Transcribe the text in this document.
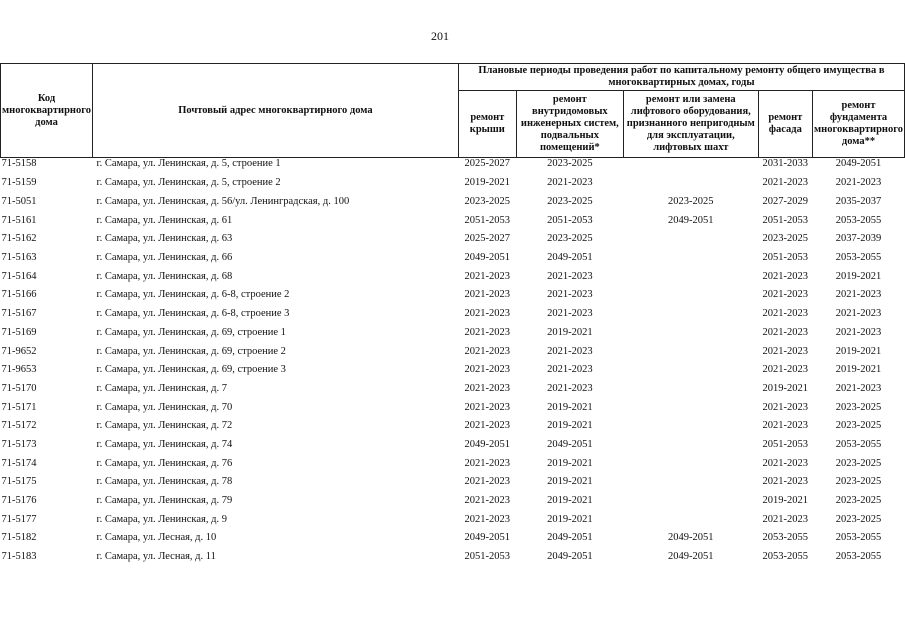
201
Код многоквартирного дома	Почтовый адрес многоквартирного дома	Плановые периоды проведения работ по капитальному ремонту общего имущества в многоквартирных домах, годы				
		ремонт крыши	ремонт внутридомовых инженерных систем, подвальных помещений*	ремонт или замена лифтового оборудования, признанного непригодным для эксплуатации, лифтовых шахт	ремонт фасада	ремонт фундамента многоквартирного дома**
71-5158	г. Самара, ул. Ленинская, д. 5, строение 1	2025-2027	2023-2025		2031-2033	2049-2051
71-5159	г. Самара, ул. Ленинская, д. 5, строение 2	2019-2021	2021-2023		2021-2023	2021-2023
71-5051	г. Самара, ул. Ленинская, д. 56/ул. Ленинградская, д. 100	2023-2025	2023-2025	2023-2025	2027-2029	2035-2037
71-5161	г. Самара, ул. Ленинская, д. 61	2051-2053	2051-2053	2049-2051	2051-2053	2053-2055
71-5162	г. Самара, ул. Ленинская, д. 63	2025-2027	2023-2025		2023-2025	2037-2039
71-5163	г. Самара, ул. Ленинская, д. 66	2049-2051	2049-2051		2051-2053	2053-2055
71-5164	г. Самара, ул. Ленинская, д. 68	2021-2023	2021-2023		2021-2023	2019-2021
71-5166	г. Самара, ул. Ленинская, д. 6-8, строение 2	2021-2023	2021-2023		2021-2023	2021-2023
71-5167	г. Самара, ул. Ленинская, д. 6-8, строение 3	2021-2023	2021-2023		2021-2023	2021-2023
71-5169	г. Самара, ул. Ленинская, д. 69, строение 1	2021-2023	2019-2021		2021-2023	2021-2023
71-9652	г. Самара, ул. Ленинская, д. 69, строение 2	2021-2023	2021-2023		2021-2023	2019-2021
71-9653	г. Самара, ул. Ленинская, д. 69, строение 3	2021-2023	2021-2023		2021-2023	2019-2021
71-5170	г. Самара, ул. Ленинская, д. 7	2021-2023	2021-2023		2019-2021	2021-2023
71-5171	г. Самара, ул. Ленинская, д. 70	2021-2023	2019-2021		2021-2023	2023-2025
71-5172	г. Самара, ул. Ленинская, д. 72	2021-2023	2019-2021		2021-2023	2023-2025
71-5173	г. Самара, ул. Ленинская, д. 74	2049-2051	2049-2051		2051-2053	2053-2055
71-5174	г. Самара, ул. Ленинская, д. 76	2021-2023	2019-2021		2021-2023	2023-2025
71-5175	г. Самара, ул. Ленинская, д. 78	2021-2023	2019-2021		2021-2023	2023-2025
71-5176	г. Самара, ул. Ленинская, д. 79	2021-2023	2019-2021		2019-2021	2023-2025
71-5177	г. Самара, ул. Ленинская, д. 9	2021-2023	2019-2021		2021-2023	2023-2025
71-5182	г. Самара, ул. Лесная, д. 10	2049-2051	2049-2051	2049-2051	2053-2055	2053-2055
71-5183	г. Самара, ул. Лесная, д. 11	2051-2053	2049-2051	2049-2051	2053-2055	2053-2055
